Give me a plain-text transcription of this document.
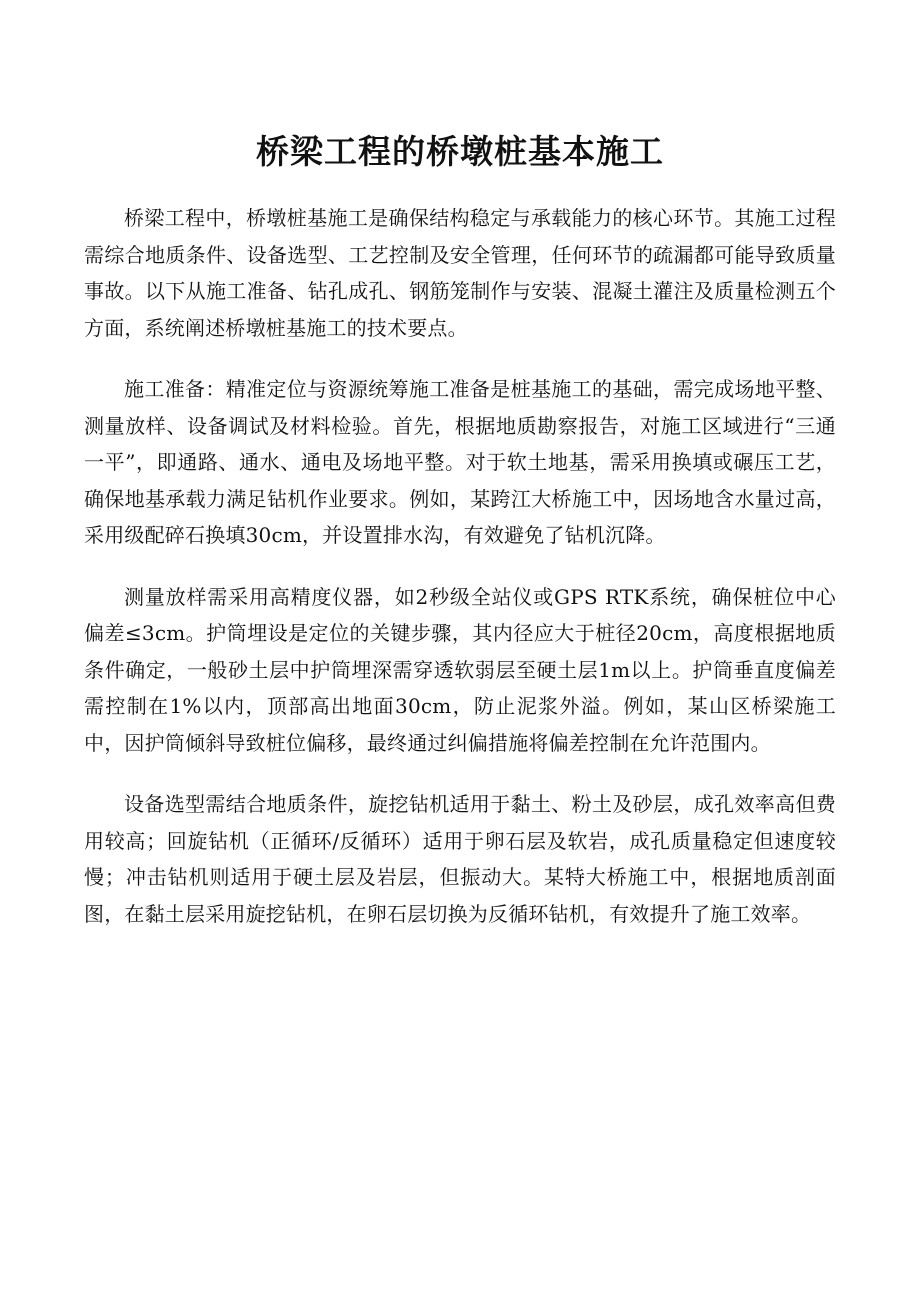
桥梁工程的桥墩桩基本施工

桥梁工程中，桥墩桩基施工是确保结构稳定与承载能力的核心环节。其施工过程需综合地质条件、设备选型、工艺控制及安全管理，任何环节的疏漏都可能导致质量事故。以下从施工准备、钻孔成孔、钢筋笼制作与安装、混凝土灌注及质量检测五个方面，系统阐述桥墩桩基施工的技术要点。

施工准备：精准定位与资源统筹施工准备是桩基施工的基础，需完成场地平整、测量放样、设备调试及材料检验。首先，根据地质勘察报告，对施工区域进行“三通一平”，即通路、通水、通电及场地平整。对于软土地基，需采用换填或碾压工艺，确保地基承载力满足钻机作业要求。例如，某跨江大桥施工中，因场地含水量过高，采用级配碎石换填30cm，并设置排水沟，有效避免了钻机沉降。

测量放样需采用高精度仪器，如2秒级全站仪或GPS RTK系统，确保桩位中心偏差≤3cm。护筒埋设是定位的关键步骤，其内径应大于桩径20cm，高度根据地质条件确定，一般砂土层中护筒埋深需穿透软弱层至硬土层1m以上。护筒垂直度偏差需控制在1%以内，顶部高出地面30cm，防止泥浆外溢。例如，某山区桥梁施工中，因护筒倾斜导致桩位偏移，最终通过纠偏措施将偏差控制在允许范围内。

设备选型需结合地质条件，旋挖钻机适用于黏土、粉土及砂层，成孔效率高但费用较高；回旋钻机（正循环/反循环）适用于卵石层及软岩，成孔质量稳定但速度较慢；冲击钻机则适用于硬土层及岩层，但振动大。某特大桥施工中，根据地质剖面图，在黏土层采用旋挖钻机，在卵石层切换为反循环钻机，有效提升了施工效率。
